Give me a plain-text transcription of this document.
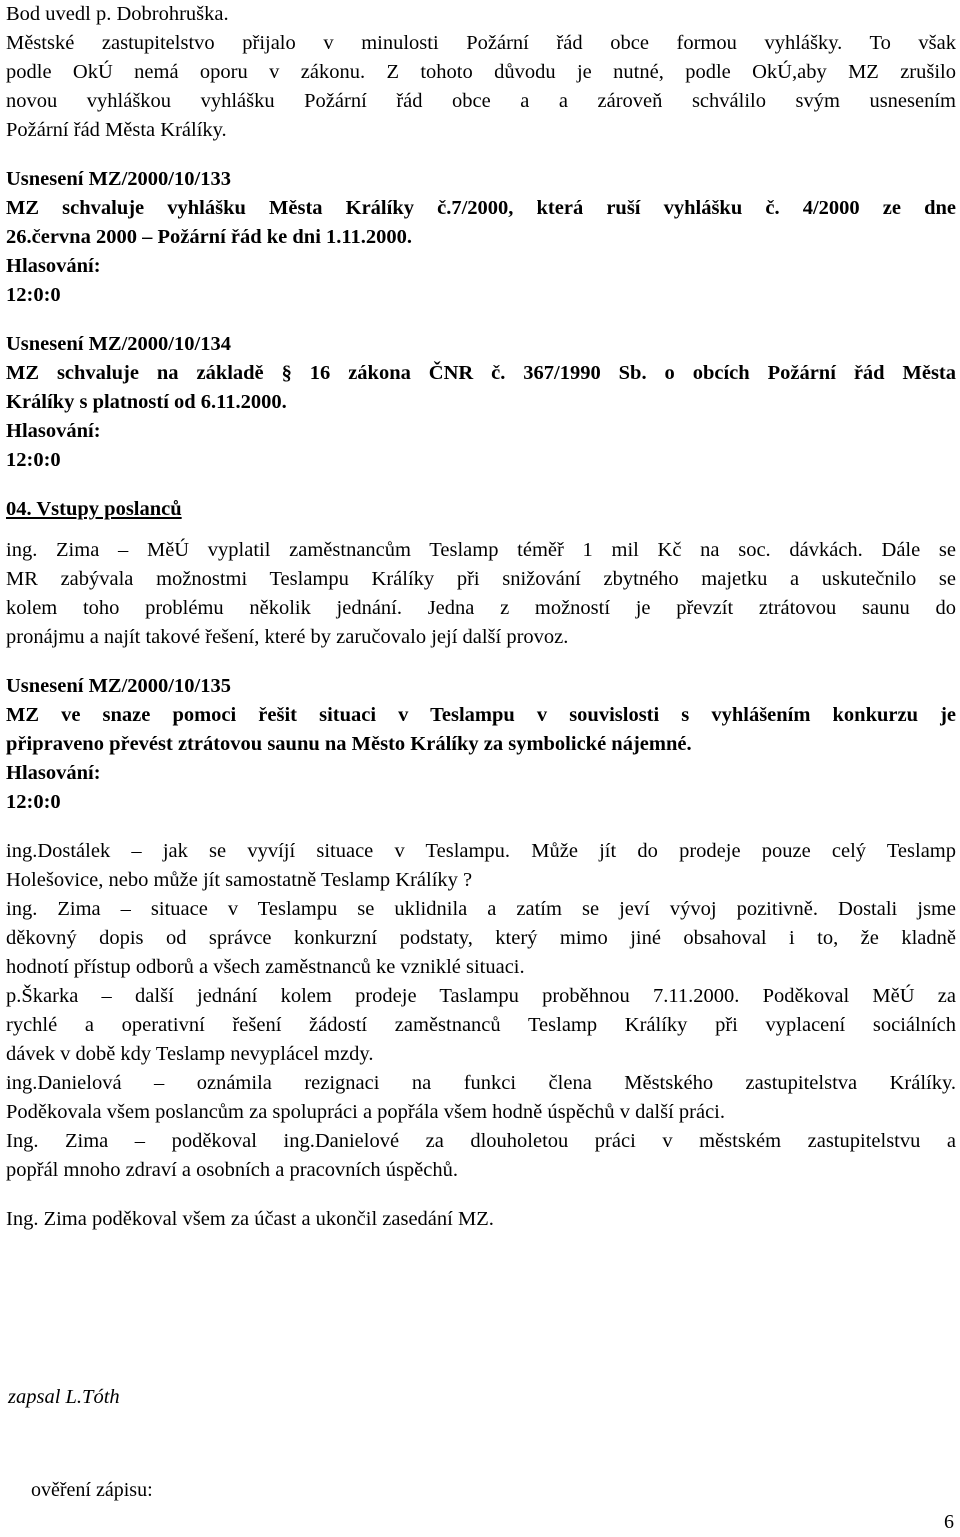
Bod uvedl p. Dobrohruška.
Městské zastupitelstvo přijalo v minulosti Požární řád obce formou vyhlášky. To však
podle OkÚ nemá oporu v zákonu. Z tohoto důvodu je nutné, podle OkÚ,aby MZ zrušilo
novou vyhláškou vyhlášku Požární řád obce a a zároveň schválilo svým usnesením
Požární řád Města Králíky.
Usnesení MZ/2000/10/133
MZ schvaluje vyhlášku Města Králíky č.7/2000, která ruší vyhlášku č. 4/2000 ze dne
26.června 2000 – Požární řád ke dni 1.11.2000.
Hlasování:
12:0:0
Usnesení MZ/2000/10/134
MZ schvaluje na základě § 16 zákona ČNR č. 367/1990 Sb. o obcích Požární řád Města
Králíky s platností od 6.11.2000.
Hlasování:
12:0:0
04. Vstupy poslanců
ing. Zima – MěÚ vyplatil zaměstnancům Teslamp téměř 1 mil Kč na soc. dávkách. Dále se
MR zabývala možnostmi Teslampu Králíky při snižování zbytného majetku a uskutečnilo se
kolem toho problému několik jednání. Jedna z možností je převzít ztrátovou saunu do
pronájmu a najít takové řešení, které by zaručovalo její další provoz.
Usnesení MZ/2000/10/135
MZ ve snaze pomoci řešit situaci v Teslampu v souvislosti s vyhlášením konkurzu je
připraveno převést ztrátovou saunu na Město Králíky za symbolické nájemné.
Hlasování:
12:0:0
ing.Dostálek – jak se vyvíjí situace v Teslampu. Může jít do prodeje pouze celý Teslamp
Holešovice, nebo může jít samostatně Teslamp Králíky ?
ing. Zima – situace v Teslampu se uklidnila a zatím se jeví vývoj pozitivně. Dostali jsme
děkovný dopis od správce konkurzní podstaty, který mimo jiné obsahoval i to, že kladně
hodnotí přístup odborů a všech zaměstnanců ke vzniklé situaci.
p.Škarka – další jednání kolem prodeje Taslampu proběhnou 7.11.2000. Poděkoval MěÚ za
rychlé a operativní řešení žádostí zaměstnanců Teslamp Králíky při vyplacení sociálních
dávek v době kdy Teslamp nevyplácel mzdy.
ing.Danielová – oznámila rezignaci na funkci člena Městského zastupitelstva Králíky.
Poděkovala všem poslancům za spolupráci a popřála všem hodně úspěchů v další práci.
Ing. Zima – poděkoval ing.Danielové za dlouholetou práci v městském zastupitelstvu a
popřál mnoho zdraví a osobních a pracovních úspěchů.
Ing. Zima poděkoval všem za účast a ukončil zasedání MZ.
zapsal L.Tóth
ověření zápisu:
6
